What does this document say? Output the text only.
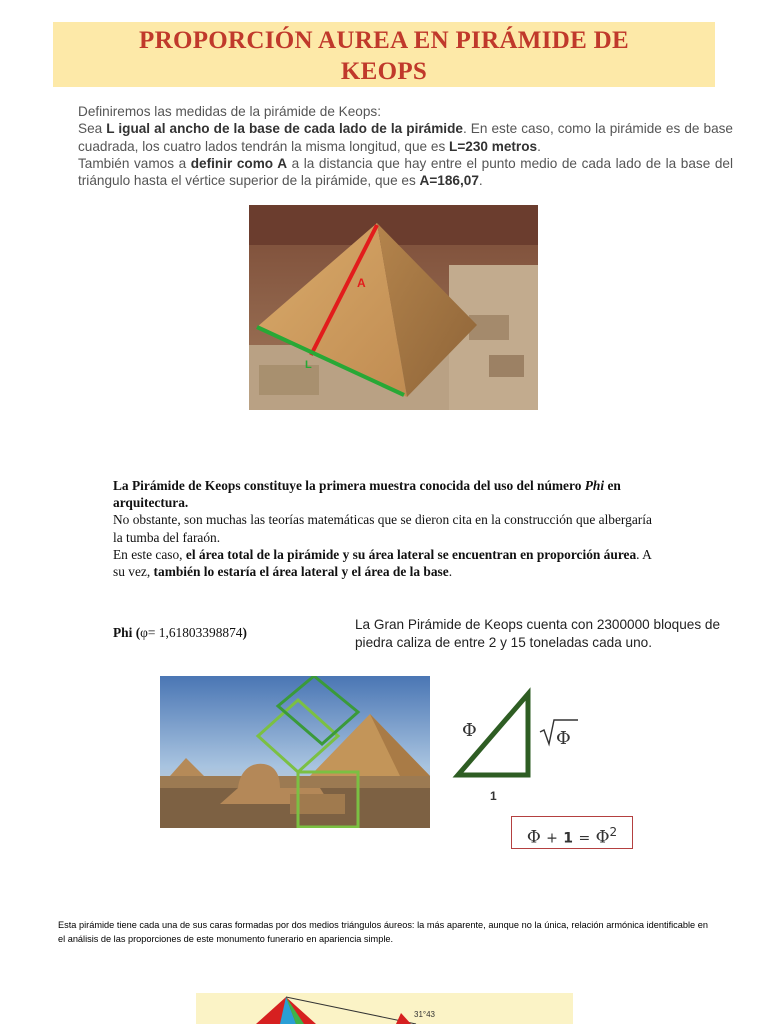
PROPORCIÓN AUREA EN PIRÁMIDE DE
KEOPS

Definiremos las medidas de la pirámide de Keops:

Sea L igual al ancho de la base de cada lado de la pirámide. En este caso, como la pirámide es de base cuadrada, los cuatro lados tendrán la misma longitud, que es L=230 metros.

También vamos a definir como A a la distancia que hay entre el punto medio de cada lado de la base del triángulo hasta el vértice superior de la pirámide, que es A=186,07.

A
L

La Pirámide de Keops constituye la primera muestra conocida del uso del número Phi en arquitectura.

No obstante, son muchas las teorías matemáticas que se dieron cita en la construcción que albergaría la tumba del faraón.

En este caso, el área total de la pirámide y su área lateral se encuentran en proporción áurea. A su vez, también lo estaría el área lateral y el área de la base.

Phi (φ= 1,61803398874)
La Gran Pirámide de Keops cuenta con 2300000 bloques de piedra caliza de entre 2 y 15 toneladas cada uno.
Φ	Φ
1
$\Phi + 1 = \Phi^2$
Esta pirámide tiene cada una de sus caras formadas por dos medios triángulos áureos: la más aparente, aunque no la única, relación armónica identificable en el análisis de las proporciones de este monumento funerario en apariencia simple.
31°43
